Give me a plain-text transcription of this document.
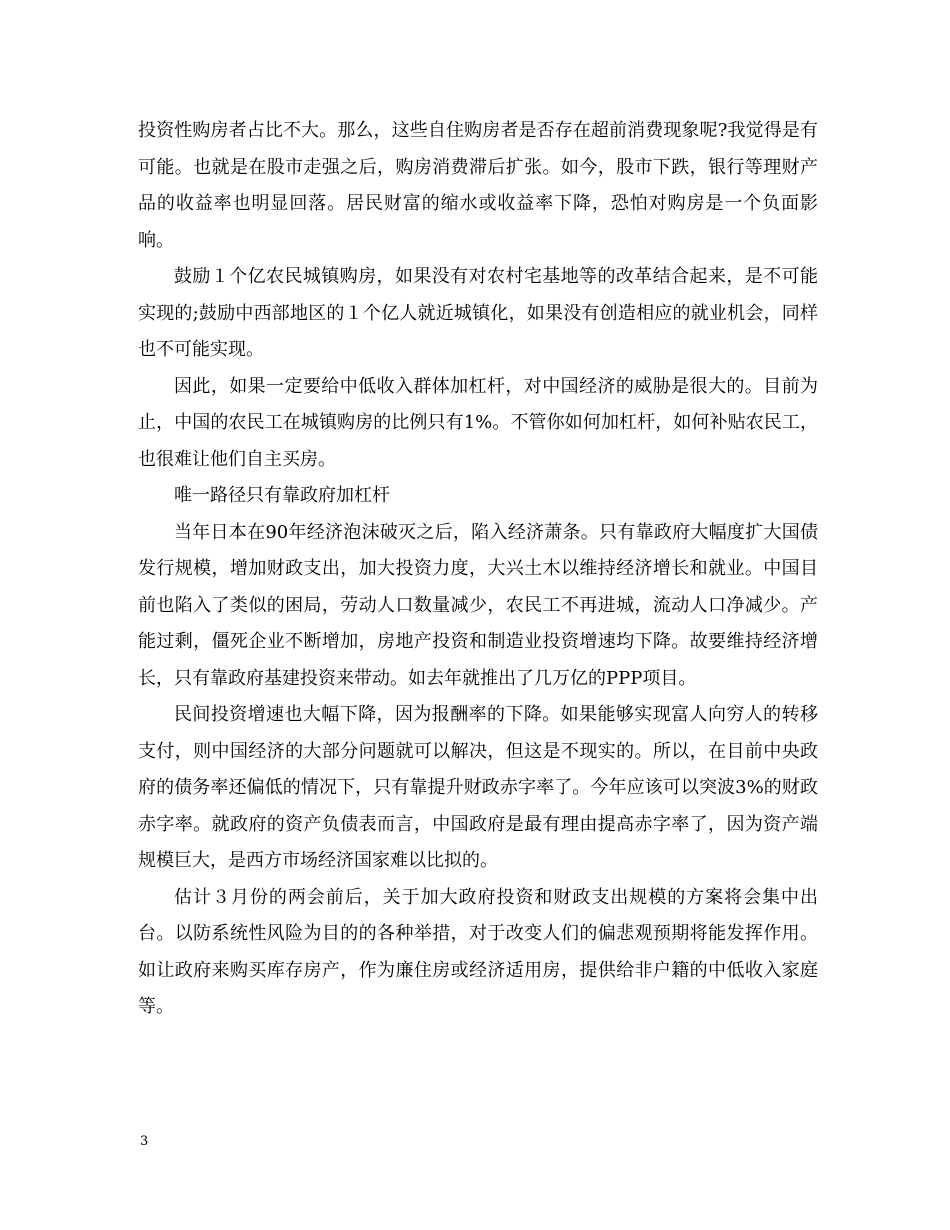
投资性购房者占比不大。那么，这些自住购房者是否存在超前消费现象呢?我觉得是有可能。也就是在股市走强之后，购房消费滞后扩张。如今，股市下跌，银行等理财产品的收益率也明显回落。居民财富的缩水或收益率下降，恐怕对购房是一个负面影响。

鼓励１个亿农民城镇购房，如果没有对农村宅基地等的改革结合起来，是不可能实现的;鼓励中西部地区的１个亿人就近城镇化，如果没有创造相应的就业机会，同样也不可能实现。

因此，如果一定要给中低收入群体加杠杆，对中国经济的威胁是很大的。目前为止，中国的农民工在城镇购房的比例只有1%。不管你如何加杠杆，如何补贴农民工，也很难让他们自主买房。

唯一路径只有靠政府加杠杆

当年日本在90年经济泡沫破灭之后，陷入经济萧条。只有靠政府大幅度扩大国债发行规模，增加财政支出，加大投资力度，大兴土木以维持经济增长和就业。中国目前也陷入了类似的困局，劳动人口数量减少，农民工不再进城，流动人口净减少。产能过剩，僵死企业不断增加，房地产投资和制造业投资增速均下降。故要维持经济增长，只有靠政府基建投资来带动。如去年就推出了几万亿的PPP项目。

民间投资增速也大幅下降，因为报酬率的下降。如果能够实现富人向穷人的转移支付，则中国经济的大部分问题就可以解决，但这是不现实的。所以，在目前中央政府的债务率还偏低的情况下，只有靠提升财政赤字率了。今年应该可以突波3%的财政赤字率。就政府的资产负债表而言，中国政府是最有理由提高赤字率了，因为资产端规模巨大，是西方市场经济国家难以比拟的。

估计３月份的两会前后，关于加大政府投资和财政支出规模的方案将会集中出台。以防系统性风险为目的的各种举措，对于改变人们的偏悲观预期将能发挥作用。如让政府来购买库存房产，作为廉住房或经济适用房，提供给非户籍的中低收入家庭等。

3
